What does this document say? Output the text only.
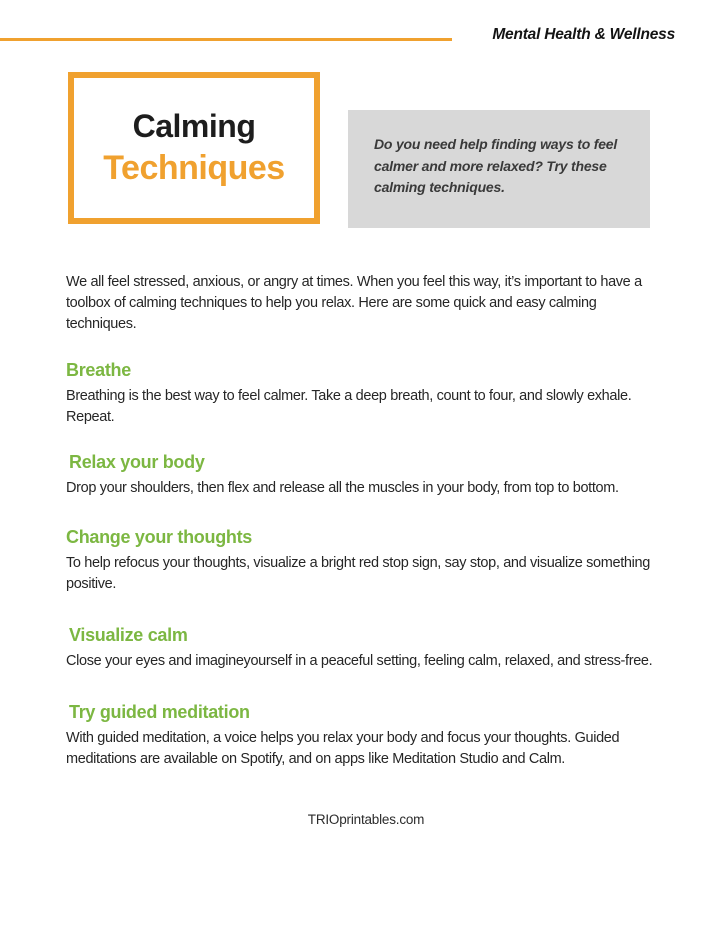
Mental Health & Wellness
Calming
Techniques
Do you need help finding ways to feel calmer and more relaxed? Try these calming techniques.

We all feel stressed, anxious, or angry at times. When you feel this way, it’s important to have a toolbox of calming techniques to help you relax. Here are some quick and easy calming techniques.

Breathe

Breathing is the best way to feel calmer. Take a deep breath, count to four, and slowly exhale. Repeat.

Relax your body

Drop your shoulders, then flex and release all the muscles in your body, from top to bottom.

Change your thoughts

To help refocus your thoughts, visualize a bright red stop sign, say stop, and visualize something positive.

Visualize calm

Close your eyes and imagineyourself in a peaceful setting, feeling calm, relaxed, and stress-free.

Try guided meditation

With guided meditation, a voice helps you relax your body and focus your thoughts. Guided meditations are available on Spotify, and on apps like Meditation Studio and Calm.

TRIOprintables.com
